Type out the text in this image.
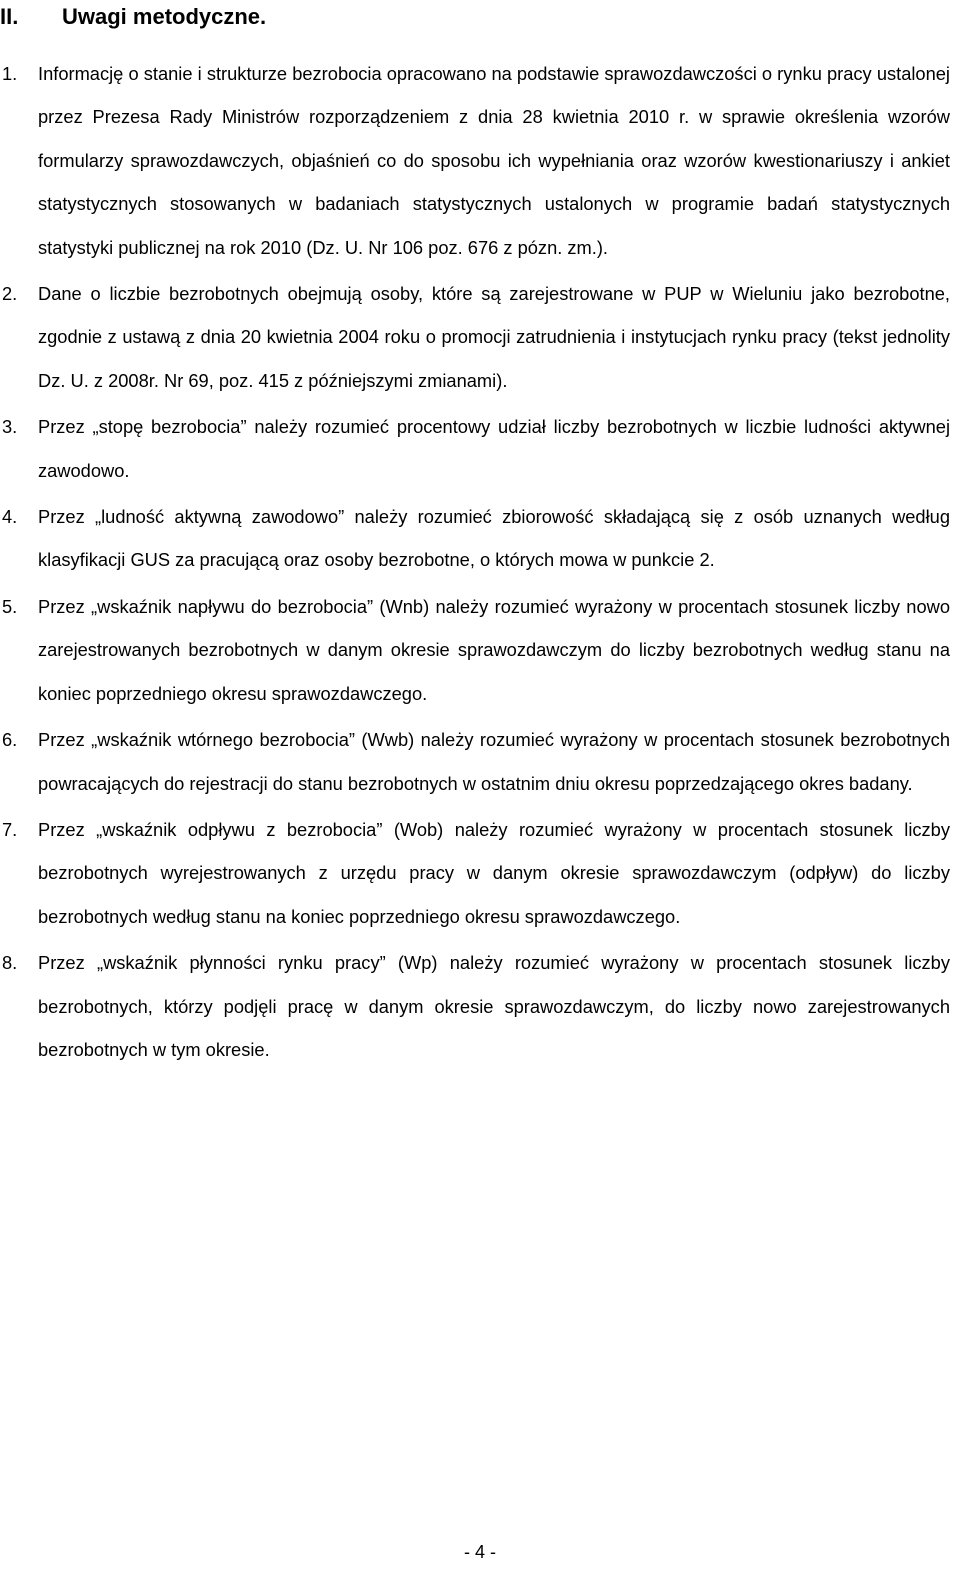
II. Uwagi metodyczne.
1. Informację o stanie i strukturze bezrobocia opracowano na podstawie sprawozdawczości o rynku pracy ustalonej przez Prezesa Rady Ministrów rozporządzeniem z dnia 28 kwietnia 2010 r. w sprawie określenia wzorów formularzy sprawozdawczych, objaśnień co do sposobu ich wypełniania oraz wzorów kwestionariuszy i ankiet statystycznych stosowanych w badaniach statystycznych ustalonych w programie badań statystycznych statystyki publicznej na rok 2010 (Dz. U. Nr 106 poz. 676 z pózn. zm.).
2. Dane o liczbie bezrobotnych obejmują osoby, które są zarejestrowane w PUP w Wieluniu jako bezrobotne, zgodnie z ustawą z dnia 20 kwietnia 2004 roku o promocji zatrudnienia i instytucjach rynku pracy (tekst jednolity Dz. U. z 2008r. Nr 69, poz. 415 z późniejszymi zmianami).
3. Przez „stopę bezrobocia” należy rozumieć procentowy udział liczby bezrobotnych w liczbie ludności aktywnej zawodowo.
4. Przez „ludność aktywną zawodowo” należy rozumieć zbiorowość składającą się z osób uznanych według klasyfikacji GUS za pracującą oraz osoby bezrobotne, o których mowa w punkcie 2.
5. Przez „wskaźnik napływu do bezrobocia” (Wnb) należy rozumieć wyrażony w procentach stosunek liczby nowo zarejestrowanych bezrobotnych w danym okresie sprawozdawczym do liczby bezrobotnych według stanu na koniec poprzedniego okresu sprawozdawczego.
6. Przez „wskaźnik wtórnego bezrobocia” (Wwb) należy rozumieć wyrażony w procentach stosunek bezrobotnych powracających do rejestracji do stanu bezrobotnych w ostatnim dniu okresu poprzedzającego okres badany.
7. Przez „wskaźnik odpływu z bezrobocia” (Wob) należy rozumieć wyrażony w procentach stosunek liczby bezrobotnych wyrejestrowanych z urzędu pracy w danym okresie sprawozdawczym (odpływ) do liczby bezrobotnych według stanu na koniec poprzedniego okresu sprawozdawczego.
8. Przez „wskaźnik płynności rynku pracy” (Wp) należy rozumieć wyrażony w procentach stosunek liczby bezrobotnych, którzy podjęli pracę w danym okresie sprawozdawczym, do liczby nowo zarejestrowanych bezrobotnych w tym okresie.
- 4 -
